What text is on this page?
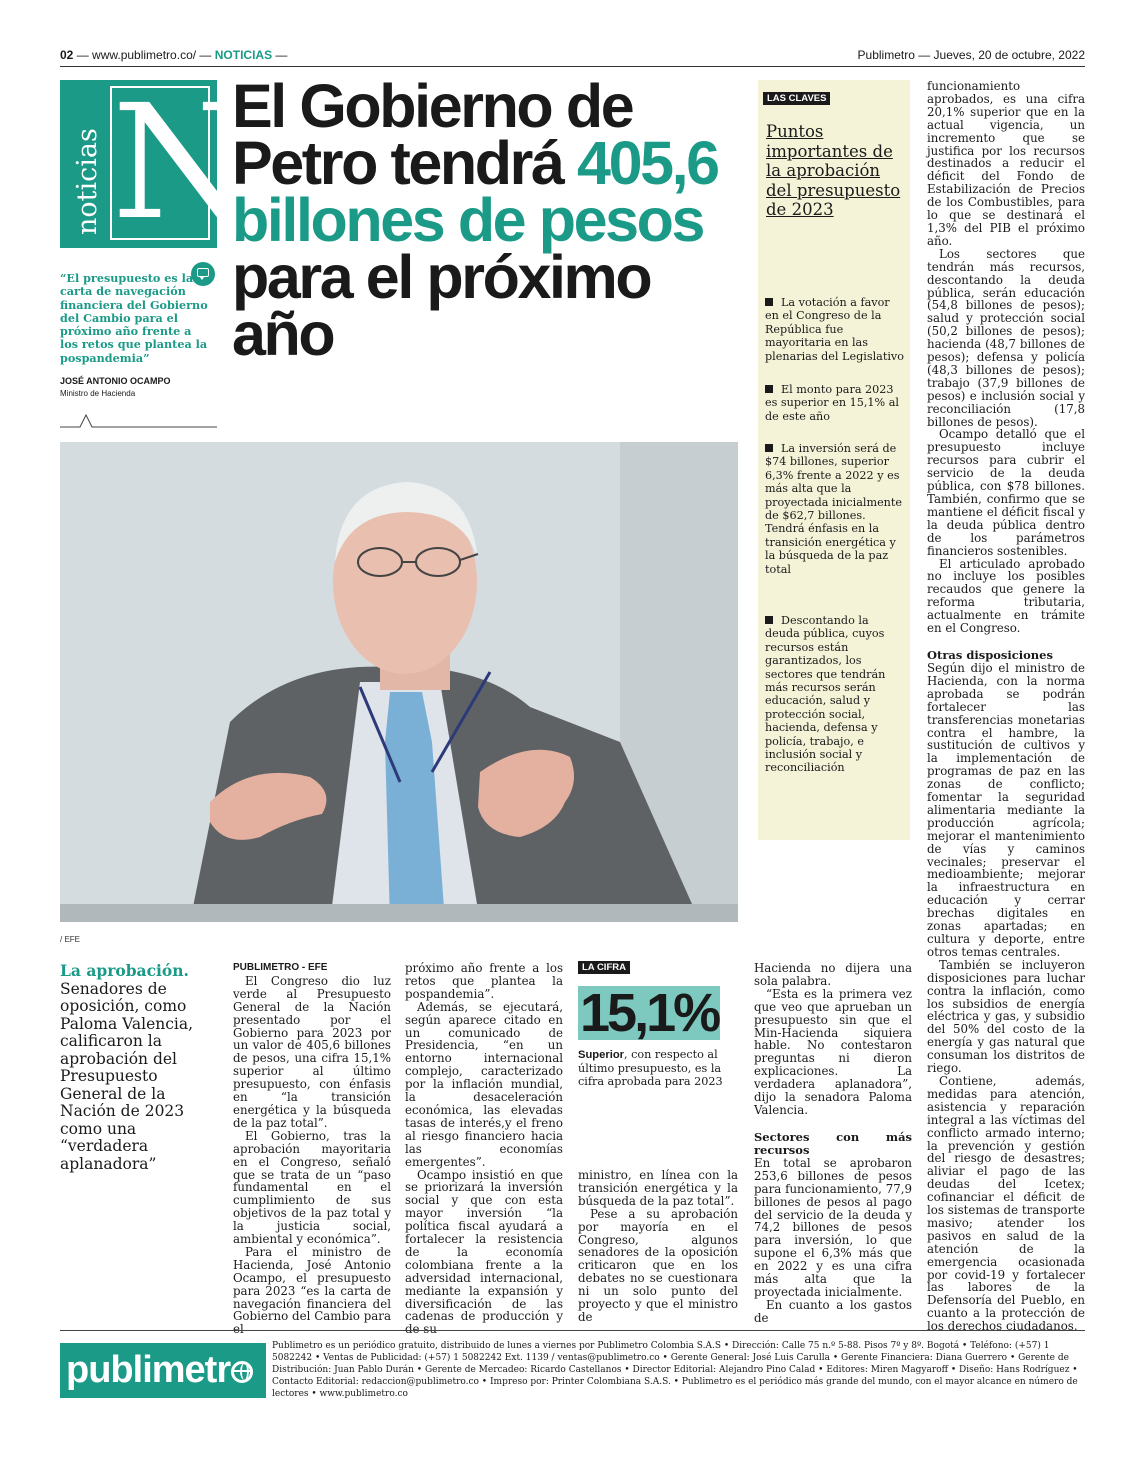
02 — www.publimetro.co/ — NOTICIAS —	Publimetro — Jueves, 20 de octubre, 2022
noticias N
“El presupuesto es la carta de navegación financiera del Gobierno del Cambio para el próximo año frente a los retos que plantea la pospandemia”
JOSÉ ANTONIO OCAMPO
Ministro de Hacienda
El Gobierno de Petro tendrá 405,6 billones de pesos para el próximo año
/ EFE
LAS CLAVES
Puntos importantes de la aprobación del presupuesto de 2023
La votación a favor en el Congreso de la República fue mayoritaria en las plenarias del Legislativo
El monto para 2023 es superior en 15,1% al de este año
La inversión será de $74 billones, superior 6,3% frente a 2022 y es más alta que la proyectada inicialmente de $62,7 billones. Tendrá énfasis en la transición energética y la búsqueda de la paz total
Descontando la deuda pública, cuyos recursos están garantizados, los sectores que tendrán más recursos serán educación, salud y protección social, hacienda, defensa y policía, trabajo, e inclusión social y reconciliación

funcionamiento aprobados, es una cifra 20,1% superior que en la actual vigencia, un incremento que se justifica por los recursos destinados a reducir el déficit del Fondo de Estabilización de Precios de los Combustibles, para lo que se destinará el 1,3% del PIB el próximo año.

Los sectores que tendrán más recursos, descontando la deuda pública, serán educación (54,8 billones de pesos); salud y protección social (50,2 billones de pesos); hacienda (48,7 billones de pesos); defensa y policía (48,3 billones de pesos); trabajo (37,9 billones de pesos) e inclusión social y reconciliación (17,8 billones de pesos).

Ocampo detalló que el presupuesto incluye recursos para cubrir el servicio de la deuda pública, con $78 billones. También, confirmo que se mantiene el déficit fiscal y la deuda pública dentro de los parámetros financieros sostenibles.

El articulado aprobado no incluye los posibles recaudos que genere la reforma tributaria, actualmente en trámite en el Congreso.

Otras disposiciones

Según dijo el ministro de Hacienda, con la norma aprobada se podrán fortalecer las transferencias monetarias contra el hambre, la sustitución de cultivos y la implementación de programas de paz en las zonas de conflicto; fomentar la seguridad alimentaria mediante la producción agrícola; mejorar el mantenimiento de vías y caminos vecinales; preservar el medioambiente; mejorar la infraestructura en educación y cerrar brechas digitales en zonas apartadas; en cultura y deporte, entre otros temas centrales.

También se incluyeron disposiciones para luchar contra la inflación, como los subsidios de energía eléctrica y gas, y subsidio del 50% del costo de la energía y gas natural que consuman los distritos de riego.

Contiene, además, medidas para atención, asistencia y reparación integral a las víctimas del conflicto armado interno; la prevención y gestión del riesgo de desastres; aliviar el pago de las deudas del Icetex; cofinanciar el déficit de los sistemas de transporte masivo; atender los pasivos en salud de la atención de la emergencia ocasionada por covid-19 y fortalecer las labores de la Defensoría del Pueblo, en cuanto a la protección de los derechos ciudadanos.

La aprobación. Senadores de oposición, como Paloma Valencia, calificaron la aprobación del Presupuesto General de la Nación de 2023 como una “verdadera aplanadora”
PUBLIMETRO - EFE

El Congreso dio luz verde al Presupuesto General de la Nación presentado por el Gobierno para 2023 por un valor de 405,6 billones de pesos, una cifra 15,1% superior al último presupuesto, con énfasis en “la transición energética y la búsqueda de la paz total”.

El Gobierno, tras la aprobación mayoritaria en el Congreso, señaló que se trata de un “paso fundamental en el cumplimiento de sus objetivos de la paz total y la justicia social, ambiental y económica”.

Para el ministro de Hacienda, José Antonio Ocampo, el presupuesto para 2023 “es la carta de navegación financiera del Gobierno del Cambio para el

próximo año frente a los retos que plantea la pospandemia”.

Además, se ejecutará, según aparece citado en un comunicado de Presidencia, “en un entorno internacional complejo, caracterizado por la inflación mundial, la desaceleración económica, las elevadas tasas de interés,y el freno al riesgo financiero hacia las economías emergentes”.

Ocampo insistió en que se priorizará la inversión social y que con esta mayor inversión “la política fiscal ayudará a fortalecer la resistencia de la economía colombiana frente a la adversidad internacional, mediante la expansión y diversificación de las cadenas de producción y de su

LA CIFRA
15,1%
Superior, con respecto al último presupuesto, es la cifra aprobada para 2023

ministro, en línea con la transición energética y la búsqueda de la paz total”.

Pese a su aprobación por mayoría en el Congreso, algunos senadores de la oposición criticaron que en los debates no se cuestionara ni un solo punto del proyecto y que el ministro de

Hacienda no dijera una sola palabra.

“Esta es la primera vez que veo que aprueban un presupuesto sin que el Min-Hacienda siquiera hable. No contestaron preguntas ni dieron explicaciones. La verdadera aplanadora”, dijo la senadora Paloma Valencia.

Sectores con más recursos

En total se aprobaron 253,6 billones de pesos para funcionamiento, 77,9 billones de pesos al pago del servicio de la deuda y 74,2 billones de pesos para inversión, lo que supone el 6,3% más que en 2022 y es una cifra más alta que la proyectada inicialmente.

En cuanto a los gastos de

publimetr
Publimetro es un periódico gratuito, distribuido de lunes a viernes por Publimetro Colombia S.A.S • Dirección: Calle 75 n.º 5-88. Pisos 7º y 8º. Bogotá • Teléfono: (+57) 1 5082242 • Ventas de Publicidad: (+57) 1 5082242 Ext. 1139 / ventas@publimetro.co • Gerente General: José Luis Carulla • Gerente Financiera: Diana Guerrero • Gerente de Distribución: Juan Pablo Durán • Gerente de Mercadeo: Ricardo Castellanos • Director Editorial: Alejandro Pino Calad • Editores: Miren Magyaroff • Diseño: Hans Rodríguez • Contacto Editorial: redaccion@publimetro.co • Impreso por: Printer Colombiana S.A.S. • Publimetro es el periódico más grande del mundo, con el mayor alcance en número de lectores • www.publimetro.co
